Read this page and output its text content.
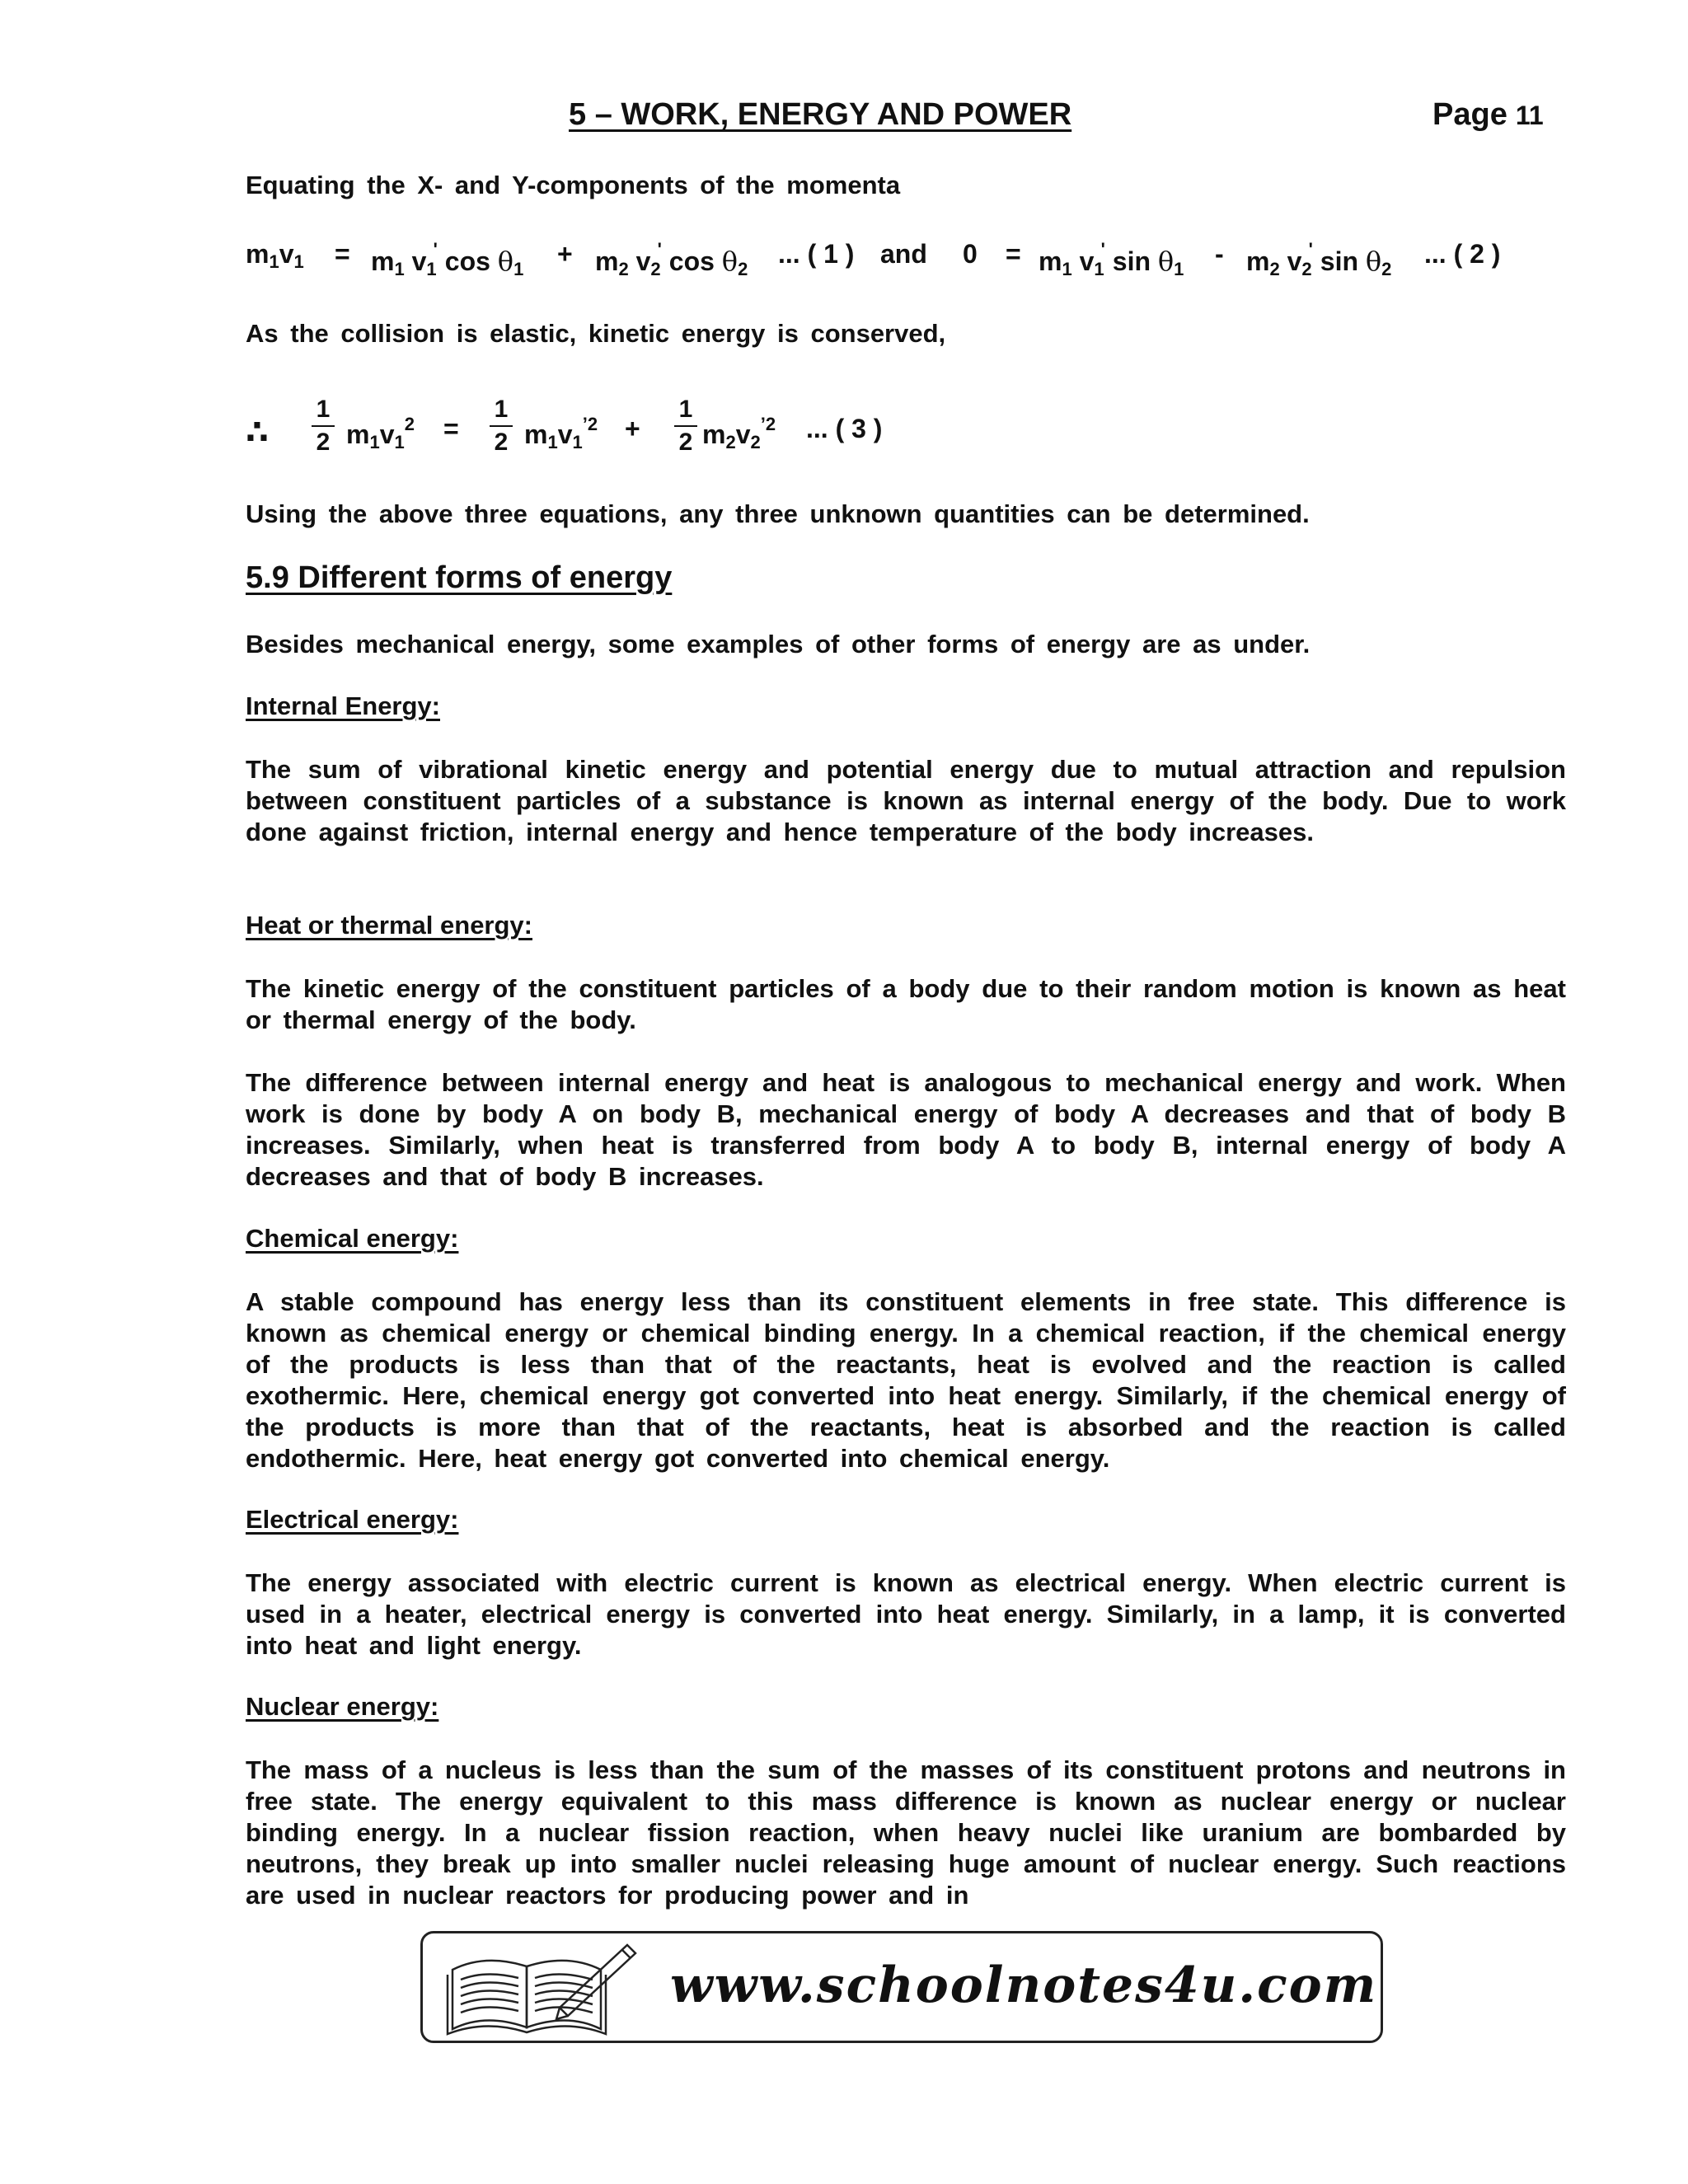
5 – WORK, ENERGY AND POWER	Page 11
Equating the X- and Y-components of the momenta
$m_1v_1 = m_1$ $v_1'$ $\cos \theta_1$
+ $m_2$ $v_2'$ $\cos \theta_2$
... ( 1 ) and $0 = m_1$ $v_1'$ $\sin \theta_1$
- $m_2$ $v_2'$ $\sin \theta_2$
... ( 2 )
As the collision is elastic, kinetic energy is conserved,
∴
1
2 $m_1v_1^2$ =
1
2 $m_1v_1^{’2}$ +
1
2 $m_2v_2^{’2}$ ... ( 3 )
Using the above three equations, any three unknown quantities can be determined.
5.9 Different forms of energy
Besides mechanical energy, some examples of other forms of energy are as under.
Internal Energy:

The sum of vibrational kinetic energy and potential energy due to mutual attraction and repulsion between constituent particles of a substance is known as internal energy of the body. Due to work done against friction, internal energy and hence temperature of the body increases.

Heat or thermal energy:

The kinetic energy of the constituent particles of a body due to their random motion is known as heat or thermal energy of the body.

The difference between internal energy and heat is analogous to mechanical energy and work. When work is done by body A on body B, mechanical energy of body A decreases and that of body B increases. Similarly, when heat is transferred from body A to body B, internal energy of body A decreases and that of body B increases.

Chemical energy:

A stable compound has energy less than its constituent elements in free state. This difference is known as chemical energy or chemical binding energy. In a chemical reaction, if the chemical energy of the products is less than that of the reactants, heat is evolved and the reaction is called exothermic. Here, chemical energy got converted into heat energy. Similarly, if the chemical energy of the products is more than that of the reactants, heat is absorbed and the reaction is called endothermic. Here, heat energy got converted into chemical energy.

Electrical energy:

The energy associated with electric current is known as electrical energy. When electric current is used in a heater, electrical energy is converted into heat energy. Similarly, in a lamp, it is converted into heat and light energy.

Nuclear energy:

The mass of a nucleus is less than the sum of the masses of its constituent protons and neutrons in free state. The energy equivalent to this mass difference is known as nuclear energy or nuclear binding energy. In a nuclear fission reaction, when heavy nuclei like uranium are bombarded by neutrons, they break up into smaller nuclei releasing huge amount of nuclear energy. Such reactions are used in nuclear reactors for producing power and in

www.schoolnotes4u.com
